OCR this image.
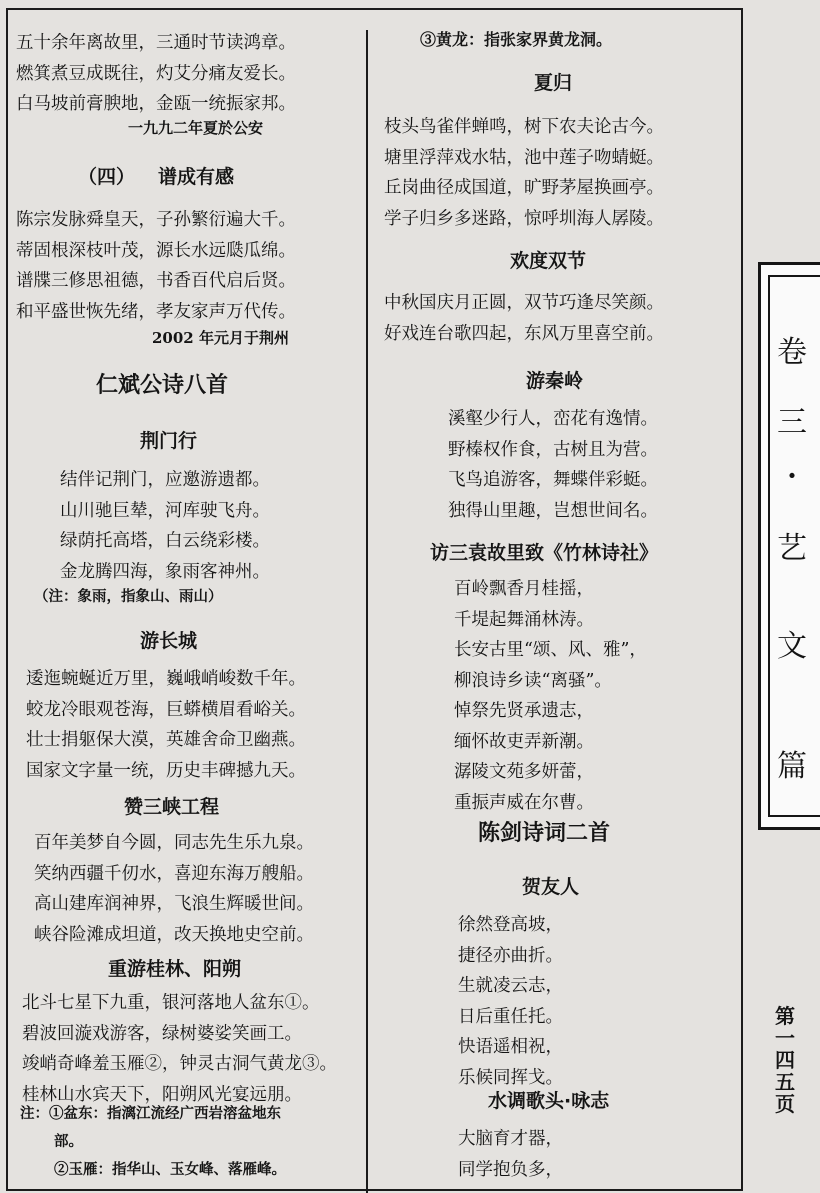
五十余年离故里，三通时节读鸿章。
燃箕煮豆成既往，灼艾分痛友爱长。
白马坡前膏腴地，金瓯一统振家邦。
一九九二年夏於公安
（四） 谱成有感
陈宗发脉舜皇天，子孙繁衍遍大千。
蒂固根深枝叶茂，源长水远瓞瓜绵。
谱牒三修思祖德，书香百代启后贤。
和平盛世恢先绪，孝友家声万代传。
2002 年元月于荆州
仁斌公诗八首
荆门行
结伴记荆门，应邀游遗都。
山川驰巨辇，河库驶飞舟。
绿荫托高塔，白云绕彩楼。
金龙腾四海，象雨客神州。
（注：象雨，指象山、雨山）
游长城
逶迤蜿蜒近万里，巍峨峭峻数千年。
蛟龙冷眼观苍海，巨蟒横眉看峪关。
壮士捐躯保大漠，英雄舍命卫幽燕。
国家文字量一统，历史丰碑撼九天。
赞三峡工程
百年美梦自今圆，同志先生乐九泉。
笑纳西疆千仞水，喜迎东海万艘船。
高山建库润神界，飞浪生辉暖世间。
峡谷险滩成坦道，改天换地史空前。
重游桂林、阳朔
北斗七星下九重，银河落地人盆东①。
碧波回漩戏游客，绿树婆娑笑画工。
竣峭奇峰羞玉雁②，钟灵古洞气黄龙③。
桂林山水宾天下，阳朔风光宴远朋。
注：①盆东：指漓江流经广西岩溶盆地东
部。
②玉雁：指华山、玉女峰、落雁峰。
③黄龙：指张家界黄龙洞。
夏归
枝头鸟雀伴蝉鸣，树下农夫论古今。
塘里浮萍戏水牯，池中莲子吻蜻蜓。
丘岗曲径成国道，旷野茅屋换画亭。
学子归乡多迷路，惊呼圳海人孱陵。
欢度双节
中秋国庆月正圆，双节巧逢尽笑颜。
好戏连台歌四起，东风万里喜空前。
游秦岭
溪壑少行人，峦花有逸情。
野榛权作食，古树且为营。
飞鸟追游客，舞蝶伴彩蜓。
独得山里趣，岂想世间名。
访三袁故里致《竹林诗社》
百岭飘香月桂摇，
千堤起舞涌林涛。
长安古里“颂、风、雅”，
柳浪诗乡读“离骚”。
悼祭先贤承遗志，
缅怀故吏弄新潮。
潺陵文苑多妍蕾，
重振声威在尔曹。
陈剑诗词二首
贺友人
徐然登高坡，
捷径亦曲折。
生就凌云志，
日后重任托。
快语遥相祝，
乐候同挥戈。
水调歌头·咏志
大脑育才器，
同学抱负多，
卷
三
·
艺
文
篇
第
一
四
五
页
